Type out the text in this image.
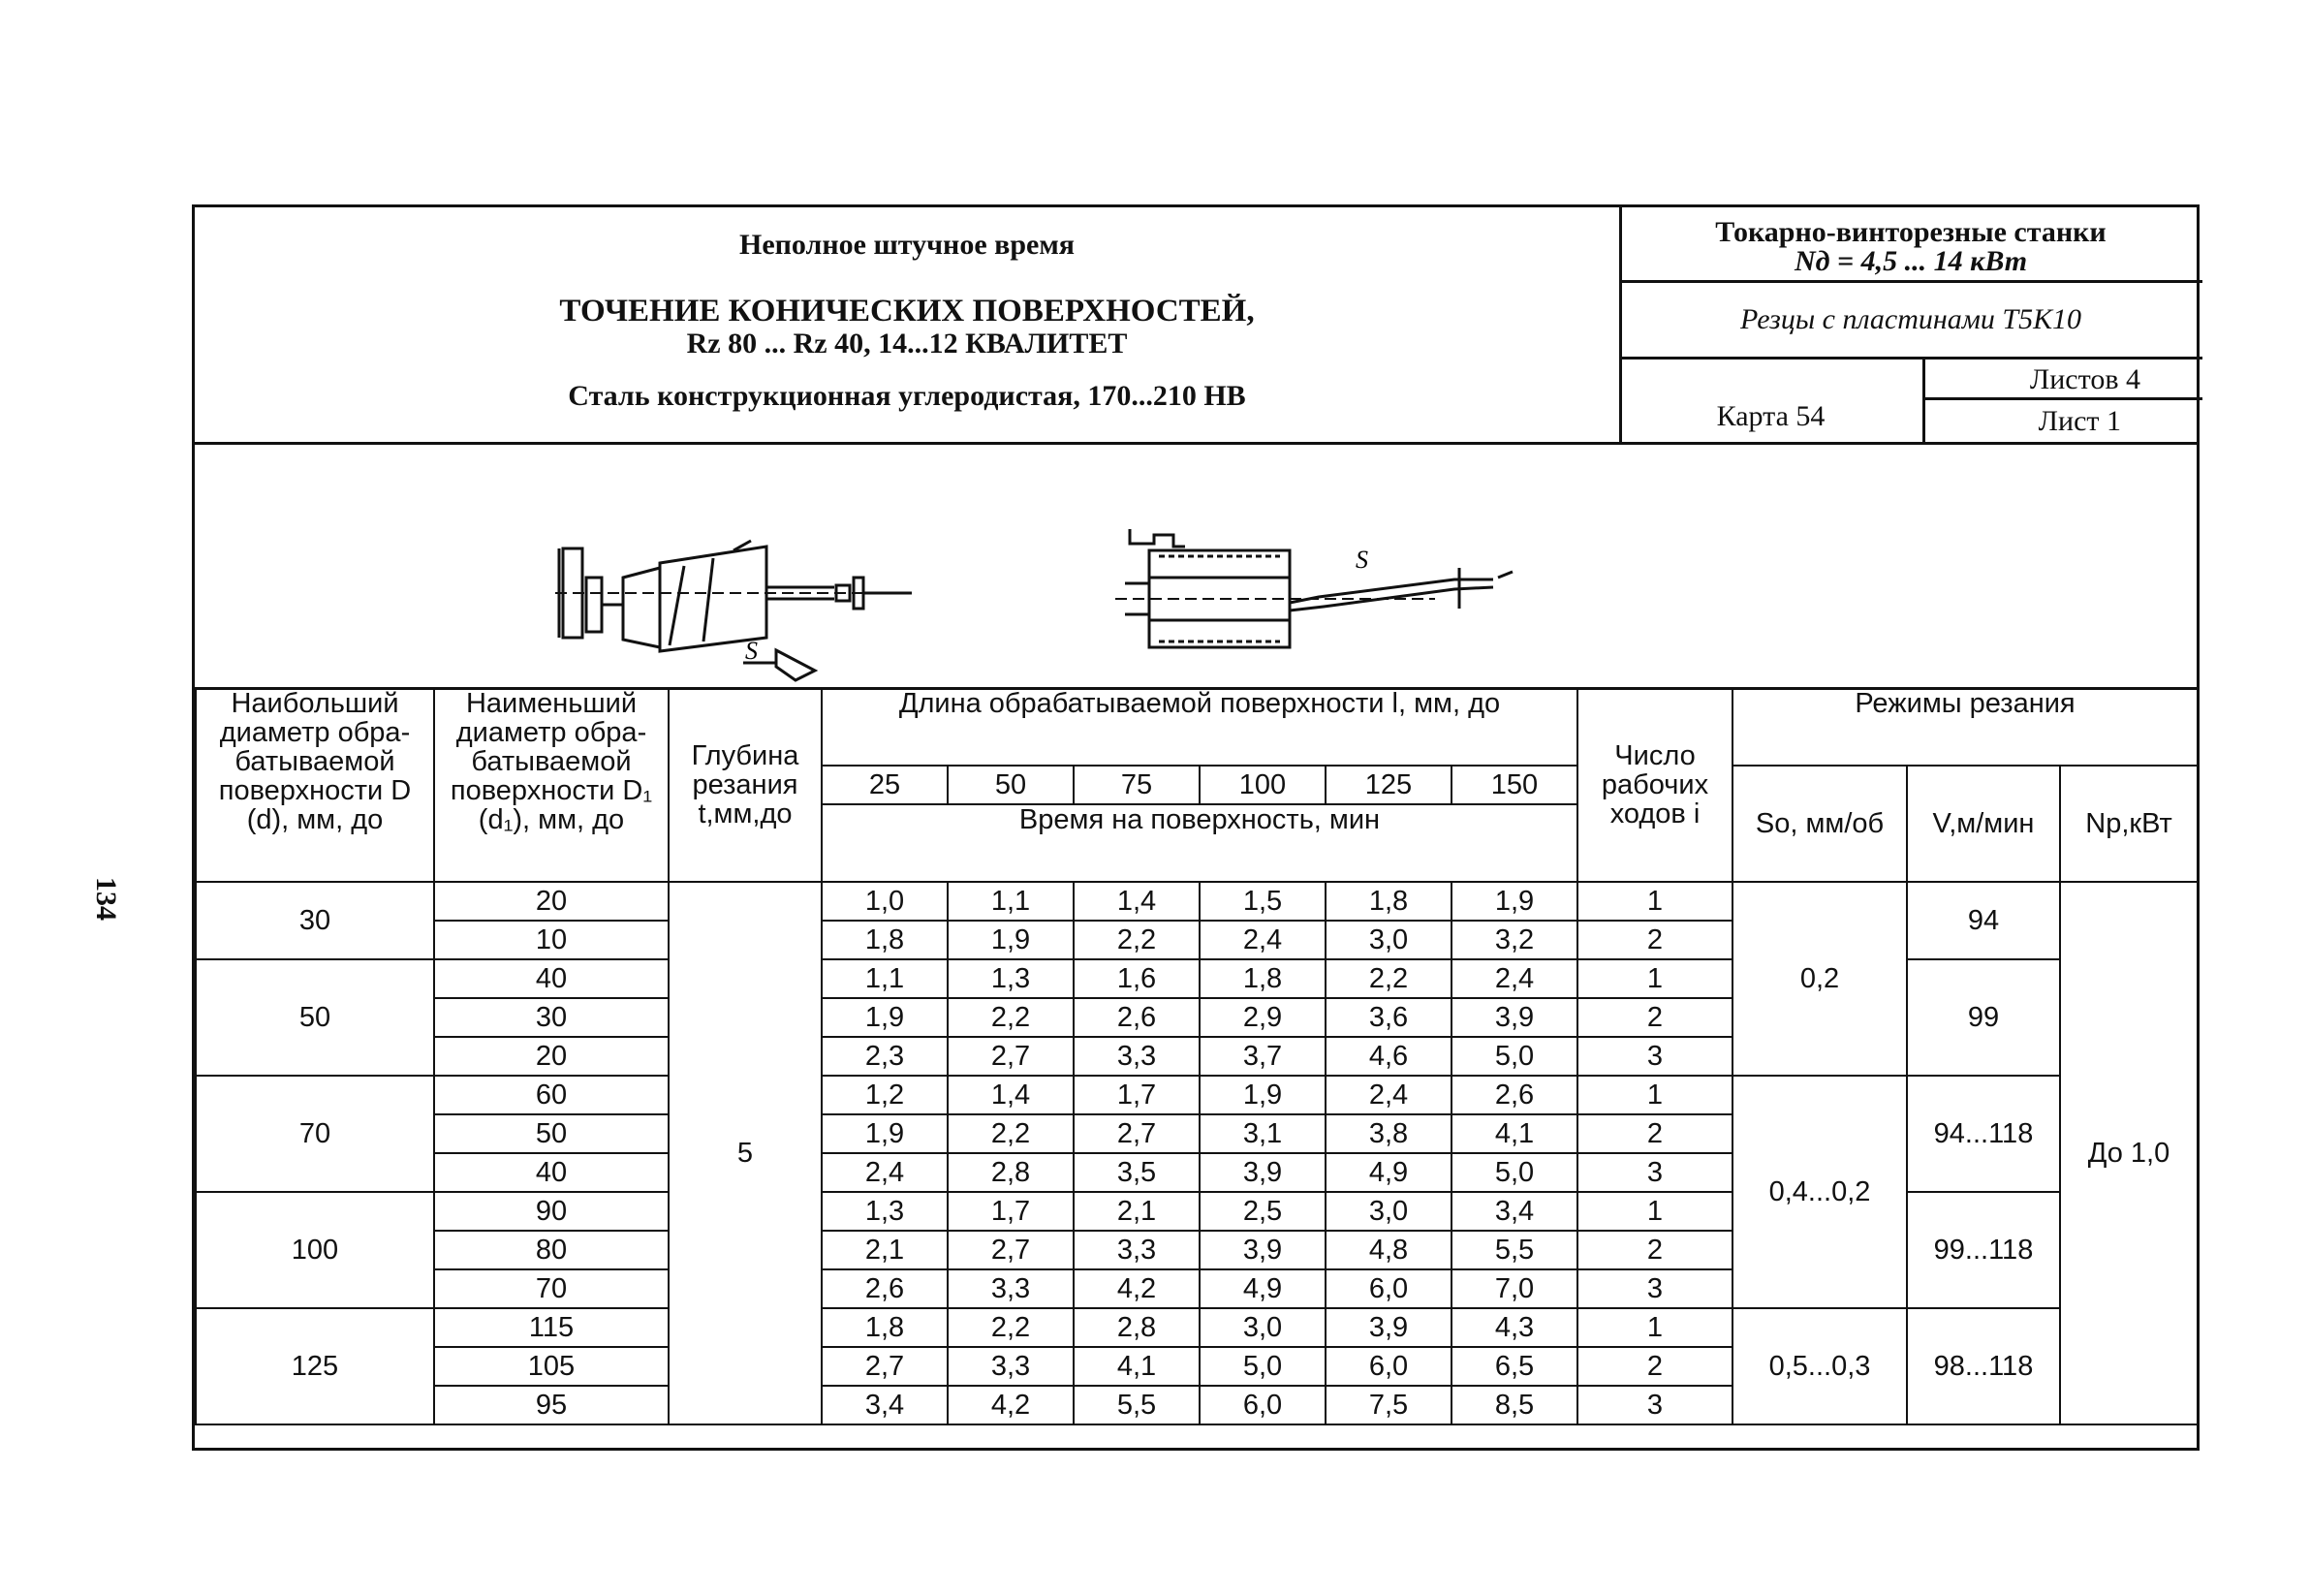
134
Неполное штучное время
ТОЧЕНИЕ КОНИЧЕСКИХ ПОВЕРХНОСТЕЙ,
Rz 80 ... Rz 40, 14...12 КВАЛИТЕТ
Сталь конструкционная углеродистая, 170...210 НВ
Токарно-винторезные станки
Nд = 4,5 ... 14 кВт
Резцы с пластинами Т5К10
Карта 54
Листов 4
Лист 1
S
S
Наибольший диаметр обра-батываемой поверхности D (d), мм, до	Наименьший диаметр обра-батываемой поверхности D₁ (d₁), мм, до	Глубина резания t,мм,до	Длина обрабатываемой поверхности l, мм, до						Число рабочих ходов i	Режимы резания		
			25	50	75	100	125	150		So, мм/об	V,м/мин	Nр,кВт
			Время на поверхность, мин									
30	20	5	1,0	1,1	1,4	1,5	1,8	1,9	1	0,2	94	До 1,0
	10		1,8	1,9	2,2	2,4	3,0	3,2	2			
50	40		1,1	1,3	1,6	1,8	2,2	2,4	1		99	
	30		1,9	2,2	2,6	2,9	3,6	3,9	2			
	20		2,3	2,7	3,3	3,7	4,6	5,0	3			
70	60		1,2	1,4	1,7	1,9	2,4	2,6	1	0,4...0,2	94...118	
	50		1,9	2,2	2,7	3,1	3,8	4,1	2			
	40		2,4	2,8	3,5	3,9	4,9	5,0	3			
100	90		1,3	1,7	2,1	2,5	3,0	3,4	1		99...118	
	80		2,1	2,7	3,3	3,9	4,8	5,5	2			
	70		2,6	3,3	4,2	4,9	6,0	7,0	3			
125	115		1,8	2,2	2,8	3,0	3,9	4,3	1	0,5...0,3	98...118	
	105		2,7	3,3	4,1	5,0	6,0	6,5	2			
	95		3,4	4,2	5,5	6,0	7,5	8,5	3			
